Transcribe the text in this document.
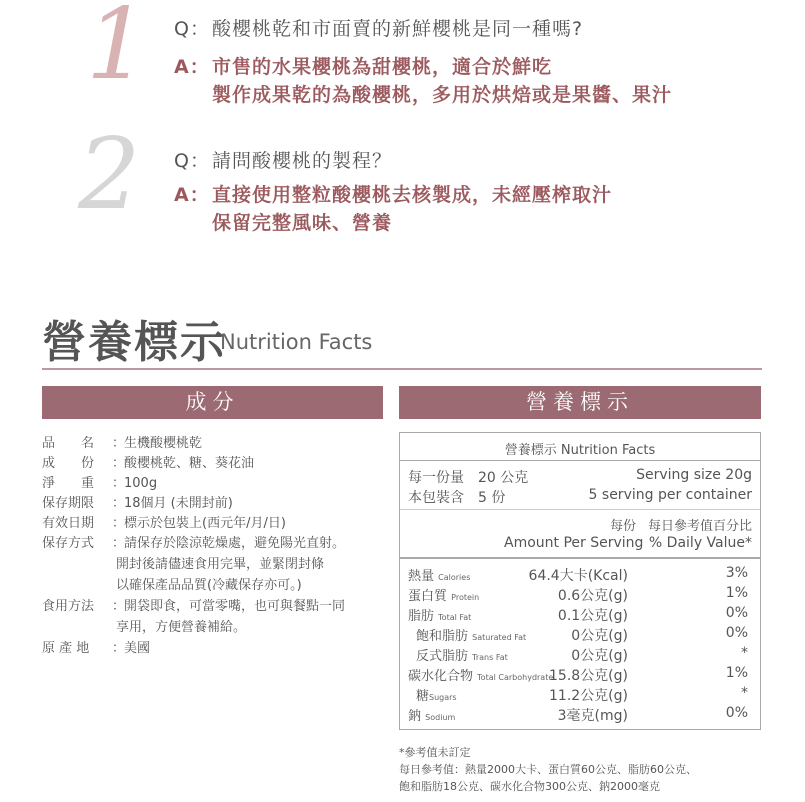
1 Q： 酸櫻桃乾和市面賣的新鮮櫻桃是同一種嗎?
A： 市售的水果櫻桃為甜櫻桃，適合於鮮吃
製作成果乾的為酸櫻桃，多用於烘焙或是果醬、果汁
2 Q： 請問酸櫻桃的製程？
A： 直接使用整粒酸櫻桃去核製成，未經壓榨取汁
保留完整風味、營養
營養標示
Nutrition Facts
成分	營養標示
品　　名 ：生機酸櫻桃乾
成　　份 ：酸櫻桃乾、糖、葵花油
淨　　重 ：100g
保存期限 ：18個月 (未開封前)
有效日期 ：標示於包裝上(西元年/月/日)
保存方式 ：請保存於陰涼乾燥處，避免陽光直射。
開封後請儘速食用完畢，並緊閉封條
以確保產品品質(冷藏保存亦可。)
食用方法 ：開袋即食，可當零嘴，也可與餐點一同
享用，方便營養補給。
原 產 地 ：美國
營養標示 Nutrition Facts
每一份量　20 公克	Serving size 20g
本包裝含　5 份	5 serving per container
每份 每日參考值百分比
Amount Per Serving % Daily Value*
熱量 Calories	64.4大卡(Kcal)	3%
蛋白質 Protein	0.6公克(g)	1%
脂肪 Total Fat	0.1公克(g)	0%
飽和脂肪 Saturated Fat	0公克(g)	0%
反式脂肪 Trans Fat	0公克(g)	*
碳水化合物 Total Carbohydrate
15.8公克(g)	1%
糖Sugars	11.2公克(g)	*
鈉 Sodium	3毫克(mg)	0%
*參考值未訂定
每日參考值：熱量2000大卡、蛋白質60公克、脂肪60公克、
飽和脂肪18公克、碳水化合物300公克、鈉2000毫克
